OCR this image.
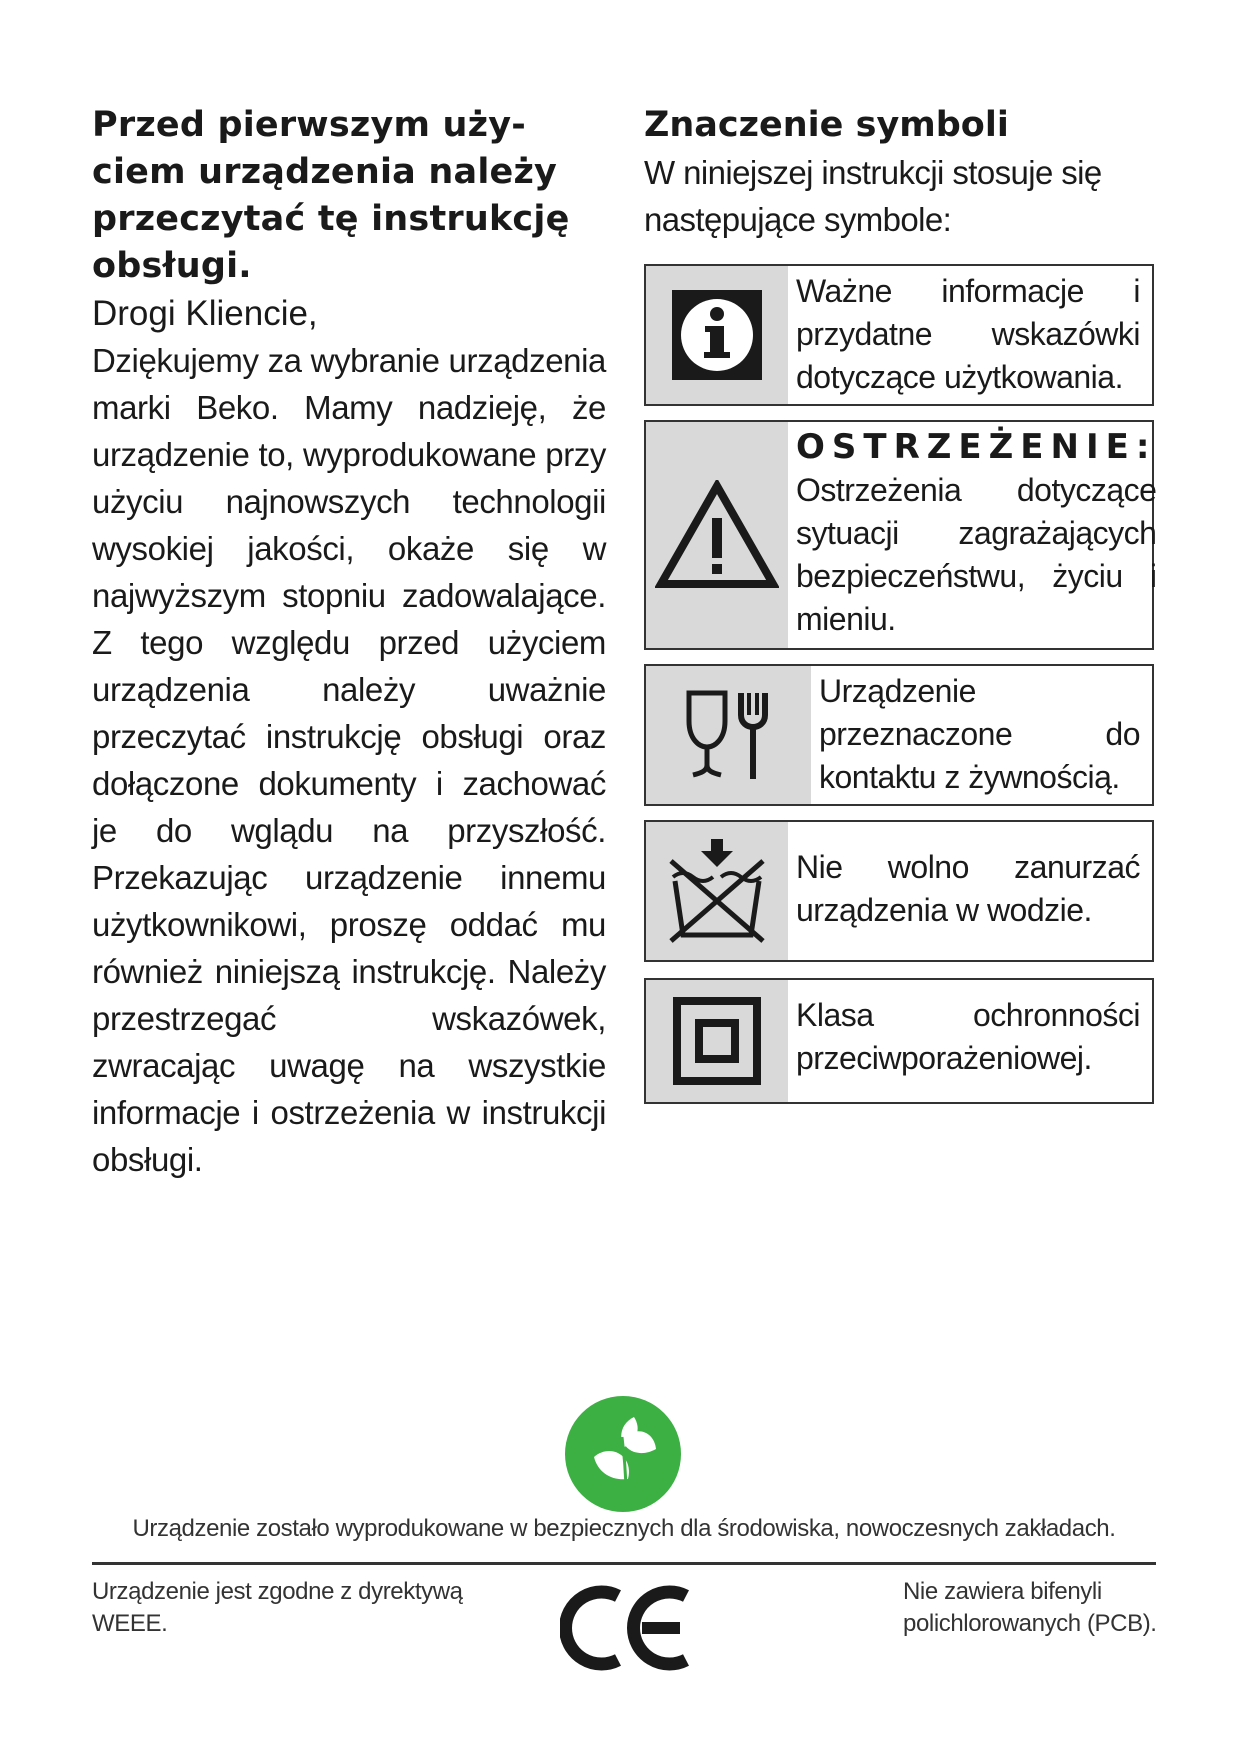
Przed pierwszym uży-
ciem urządzenia należy
przeczytać tę instrukcję
obsługi.

Drogi Kliencie,

Dziękujemy za wybranie urządzenia marki Beko. Mamy nadzieję, że urządzenie to, wyprodukowane przy użyciu najnowszych technologii wysokiej jakości, okaże się w najwyższym stopniu zadowalające. Z tego względu przed użyciem urządzenia należy uważnie przeczytać instrukcję obsługi oraz dołączone dokumenty i zachować je do wglądu na przyszłość. Przekazując urządzenie innemu użytkownikowi, proszę oddać mu również niniejszą instrukcję. Należy przestrzegać wskazówek, zwracając uwagę na wszystkie informacje i ostrzeżenia w instrukcji obsługi.

Znaczenie symboli

W niniejszej instrukcji stosuje się następujące symbole:

Ważne informacje i przydatne wskazówki dotyczące użytkowania.
OSTRZEŻENIE:
Ostrzeżenia dotyczące sytuacji zagrażających bezpieczeństwu, życiu i mieniu.
Urządzenie przeznaczone do kontaktu z żywnością.
Nie wolno zanurzać urządzenia w wodzie.
Klasa ochronności przeciwporażeniowej.
Urządzenie zostało wyprodukowane w bezpiecznych dla środowiska, nowoczesnych zakładach.
Urządzenie jest zgodne z dyrektywą WEEE.
Nie zawiera bifenyli polichlorowanych (PCB).
